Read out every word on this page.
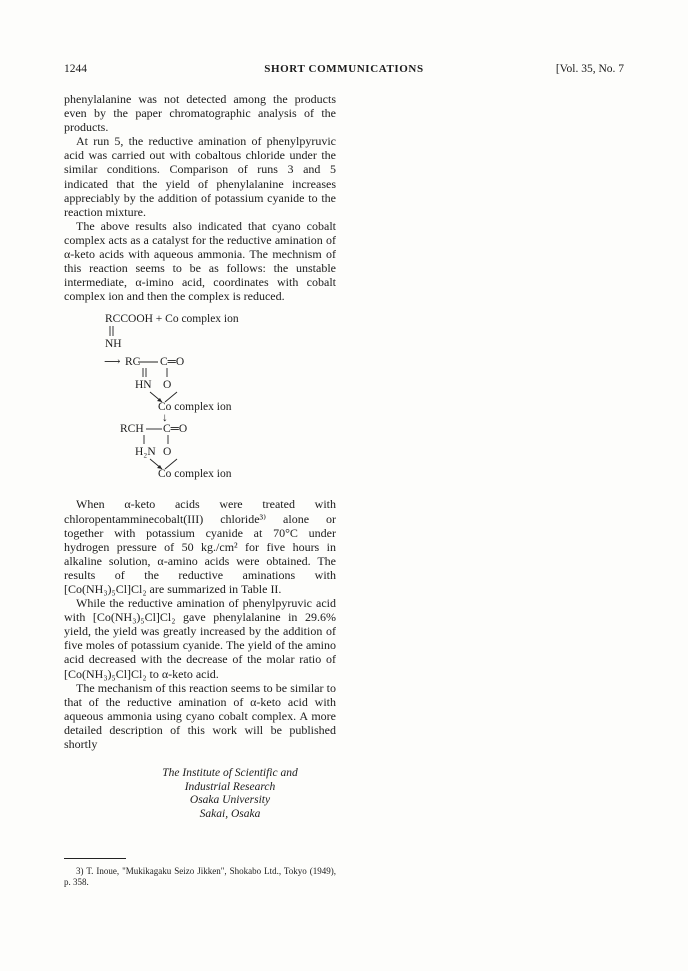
1244	SHORT COMMUNICATIONS	[Vol. 35, No. 7

phenylalanine was not detected among the products even by the paper chromatographic analysis of the products.

At run 5, the reductive amination of phenylpyruvic acid was carried out with cobaltous chloride under the similar conditions. Comparison of runs 3 and 5 indicated that the yield of phenylalanine increases appreciably by the addition of potassium cyanide to the reaction mixture.

The above results also indicated that cyano cobalt complex acts as a catalyst for the reductive amination of α-keto acids with aqueous ammonia. The mechnism of this reaction seems to be as follows: the unstable intermediate, α-imino acid, coordinates with cobalt complex ion and then the complex is reduced.

RCCOOH + Co complex ion
NH
⟶ RC C═O
HN O
Co complex ion
↓
RCH C═O
H₂N O
Co complex ion

When α-keto acids were treated with chloropentamminecobalt(III) chloride³⁾ alone or together with potassium cyanide at 70°C under hydrogen pressure of 50 kg./cm² for five hours in alkaline solution, α-amino acids were obtained. The results of the reductive aminations with [Co(NH₃)₅Cl]Cl₂ are summarized in Table II.

While the reductive amination of phenylpyruvic acid with [Co(NH₃)₅Cl]Cl₂ gave phenylalanine in 29.6% yield, the yield was greatly increased by the addition of five moles of potassium cyanide. The yield of the amino acid decreased with the decrease of the molar ratio of [Co(NH₃)₅Cl]Cl₂ to α-keto acid.

The mechanism of this reaction seems to be similar to that of the reductive amination of α-keto acid with aqueous ammonia using cyano cobalt complex. A more detailed description of this work will be published shortly

The Institute of Scientific and
Industrial Research
Osaka University
Sakai, Osaka
3) T. Inoue, "Mukikagaku Seizo Jikken", Shokabo Ltd., Tokyo (1949), p. 358.
